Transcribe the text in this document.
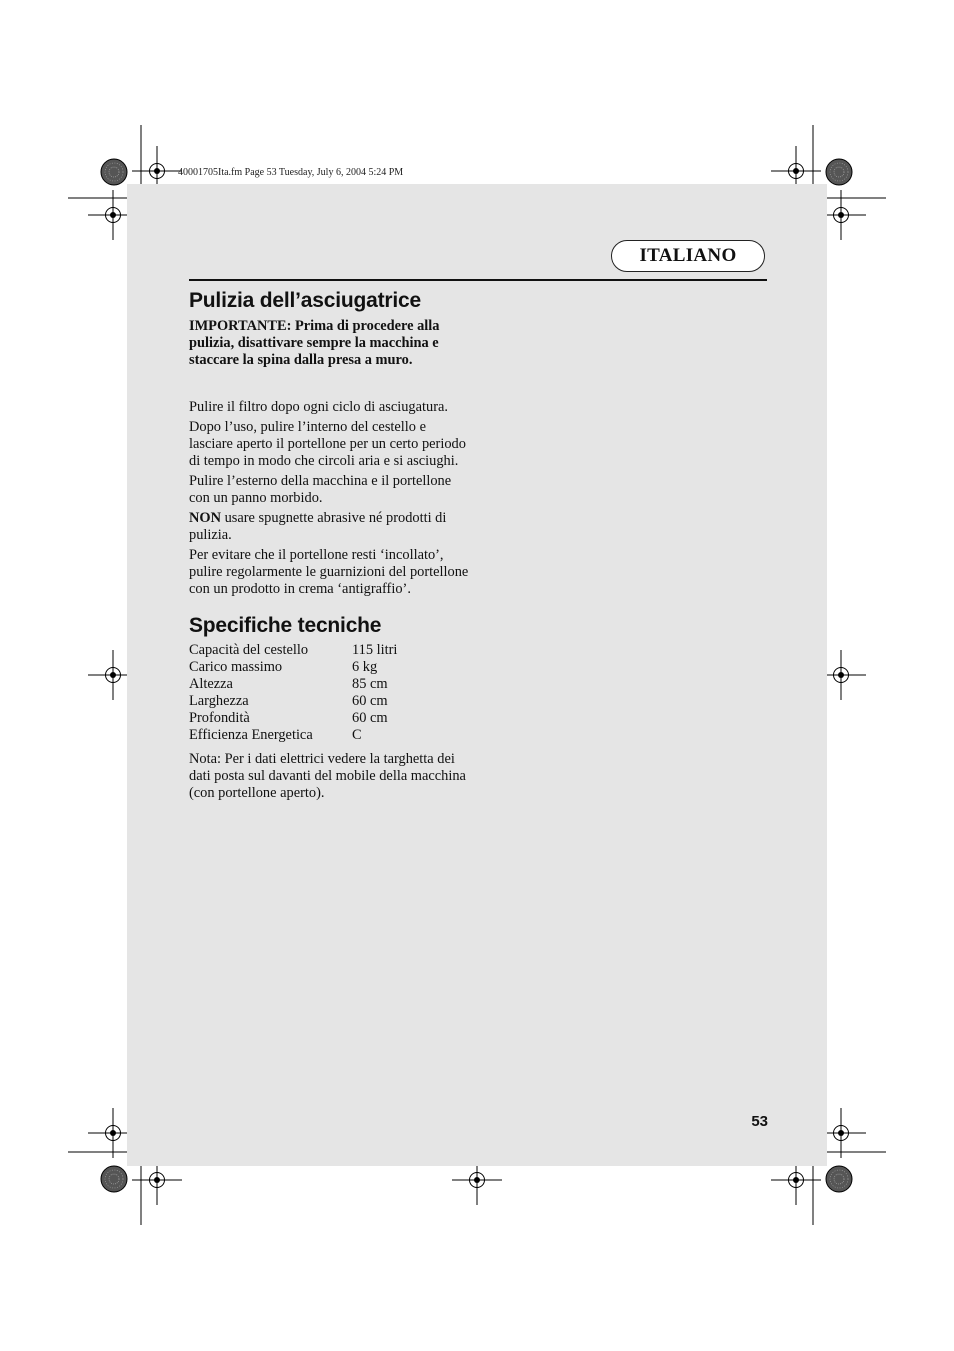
40001705Ita.fm Page 53 Tuesday, July 6, 2004 5:24 PM
ITALIANO
Pulizia dell’asciugatrice
IMPORTANTE: Prima di procedere alla pulizia, disattivare sempre la macchina e staccare la spina dalla presa a muro.

Pulire il filtro dopo ogni ciclo di asciugatura.

Dopo l’uso, pulire l’interno del cestello e lasciare aperto il portellone per un certo periodo di tempo in modo che circoli aria e si asciughi.

Pulire l’esterno della macchina e il portellone con un panno morbido.

NON usare spugnette abrasive né prodotti di pulizia.

Per evitare che il portellone resti ‘incollato’, pulire regolarmente le guarnizioni del portellone con un prodotto in crema ‘antigraffio’.

Specifiche tecniche
Capacità del cestello	115 litri
Carico massimo	6 kg
Altezza	85 cm
Larghezza	60 cm
Profondità	60 cm
Efficienza Energetica	C

Nota: Per i dati elettrici vedere la targhetta dei dati posta sul davanti del mobile della macchina (con portellone aperto).

53
